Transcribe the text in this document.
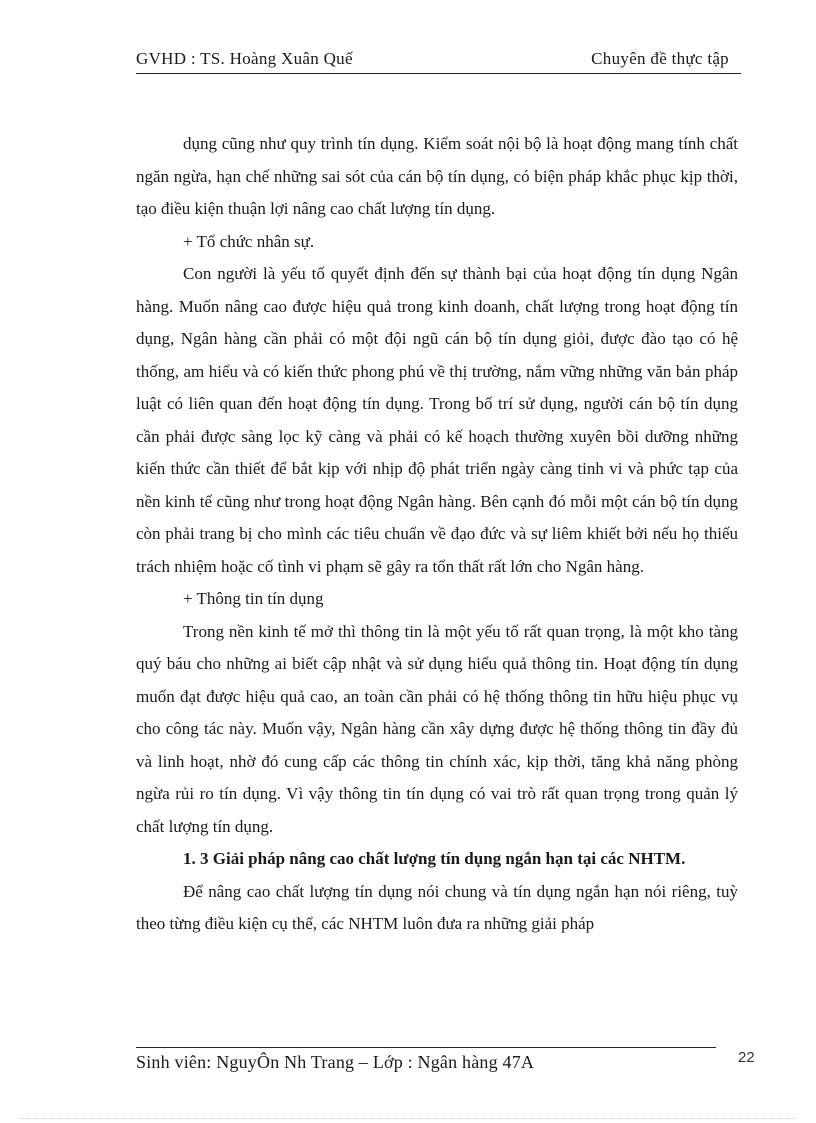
GVHD : TS. Hoàng Xuân Quế	Chuyên đề thực tập

dụng cũng như quy trình tín dụng. Kiểm soát nội bộ là hoạt động mang tính chất ngăn ngừa, hạn chế những sai sót của cán bộ tín dụng, có biện pháp khắc phục kịp thời, tạo điều kiện thuận lợi nâng cao chất lượng tín dụng.

+ Tổ chức nhân sự.

Con người là yếu tố quyết định đến sự thành bại của hoạt động tín dụng Ngân hàng. Muốn nâng cao được hiệu quả trong kinh doanh, chất lượng trong hoạt động tín dụng, Ngân hàng cần phải có một đội ngũ cán bộ tín dụng giỏi, được đào tạo có hệ thống, am hiểu và có kiến thức phong phú về thị trường, nắm vững những văn bản pháp luật có liên quan đến hoạt động tín dụng. Trong bố trí sử dụng, người cán bộ tín dụng cần phải được sàng lọc kỹ càng và phải có kế hoạch thường xuyên bồi dưỡng những kiến thức cần thiết để bắt kịp với nhịp độ phát triển ngày càng tinh vi và phức tạp của nền kinh tế cũng như trong hoạt động Ngân hàng. Bên cạnh đó mỗi một cán bộ tín dụng còn phải trang bị cho mình các tiêu chuẩn về đạo đức và sự liêm khiết bởi nếu họ thiếu trách nhiệm hoặc cố tình vi phạm sẽ gây ra tổn thất rất lớn cho Ngân hàng.

+ Thông tin tín dụng

Trong nền kinh tế mở thì thông tin là một yếu tố rất quan trọng, là một kho tàng quý báu cho những ai biết cập nhật và sử dụng hiểu quả thông tin. Hoạt động tín dụng muốn đạt được hiệu quả cao, an toàn cần phải có hệ thống thông tin hữu hiệu phục vụ cho công tác này. Muốn vậy, Ngân hàng cần xây dựng được hệ thống thông tin đầy đủ và linh hoạt, nhờ đó cung cấp các thông tin chính xác, kịp thời, tăng khả năng phòng ngừa rủi ro tín dụng. Vì vậy thông tin tín dụng có vai trò rất quan trọng trong quản lý chất lượng tín dụng.

1. 3 Giải pháp nâng cao chất lượng tín dụng ngắn hạn tại các NHTM.

Để nâng cao chất lượng tín dụng nói chung và tín dụng ngắn hạn nói riêng, tuỳ theo từng điều kiện cụ thể, các NHTM luôn đưa ra những giải pháp

Sinh viên: NguyÔn Nh Trang – Lớp : Ngân hàng 47A	22
